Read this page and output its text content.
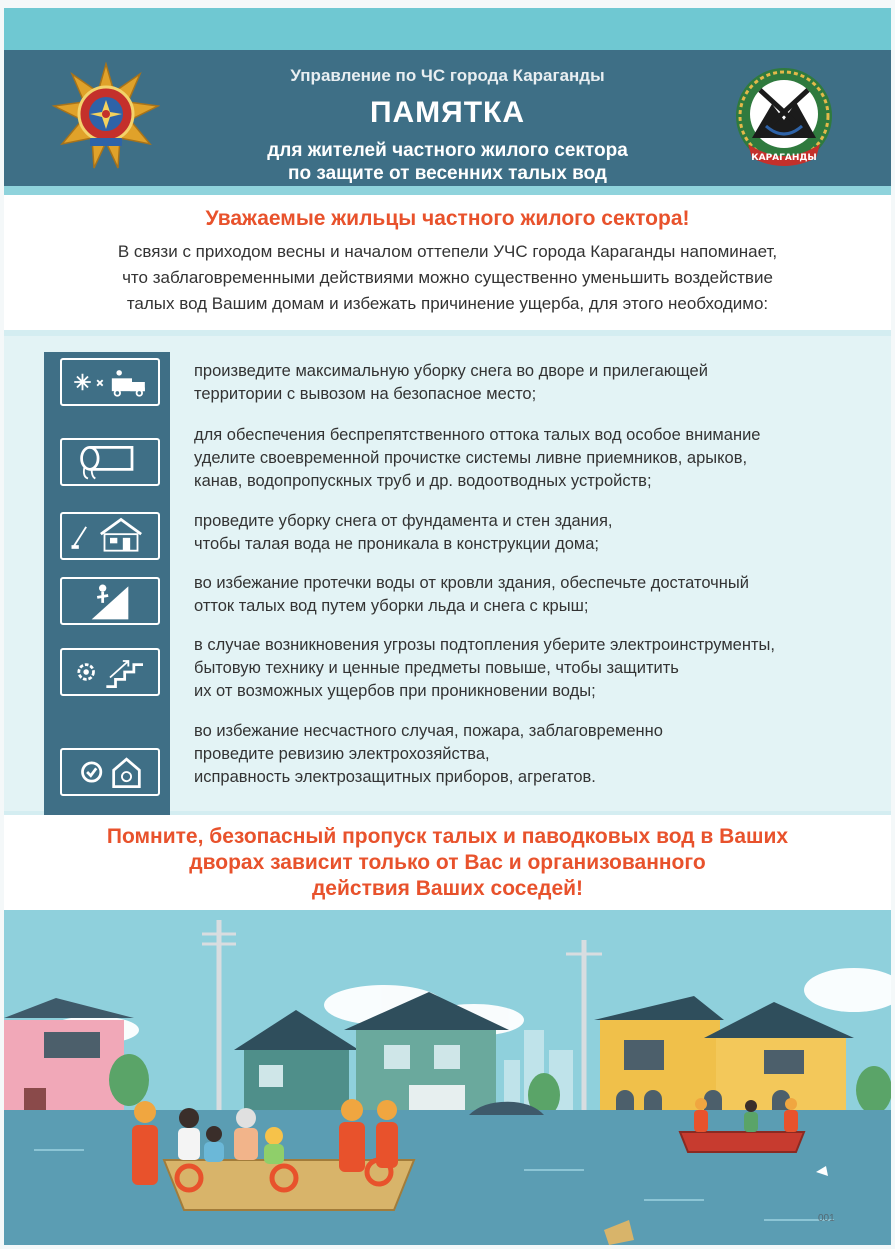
Управление по ЧС города Караганды
ПАМЯТКА
для жителей частного жилого сектора
по защите от весенних талых вод
КАРАГАНДЫ
Уважаемые жильцы частного жилого сектора!
В связи с приходом весны и началом оттепели УЧС города Караганды напоминает,
что заблаговременными действиями можно существенно уменьшить воздействие
талых вод Вашим домам и избежать причинение ущерба, для этого необходимо:
произведите максимальную уборку снега во дворе и прилегающей
территории с вывозом на безопасное место;
для обеспечения беспрепятственного оттока талых вод особое внимание
уделите своевременной прочистке системы ливне приемников, арыков,
канав, водопропускных труб и др. водоотводных устройств;
проведите уборку снега от фундамента и стен здания,
чтобы талая вода не проникала в конструкции дома;
во избежание протечки воды от кровли здания, обеспечьте достаточный
отток талых вод путем уборки льда и снега с крыш;
в случае возникновения угрозы подтопления уберите электроинструменты,
бытовую технику и ценные предметы повыше, чтобы защитить
их от возможных ущербов при проникновении воды;
во избежание несчастного случая, пожара, заблаговременно
проведите ревизию электрохозяйства,
исправность электрозащитных приборов, агрегатов.
Помните, безопасный пропуск талых и паводковых вод в Ваших
дворах зависит только от Вас и организованного
действия Ваших соседей!
001
